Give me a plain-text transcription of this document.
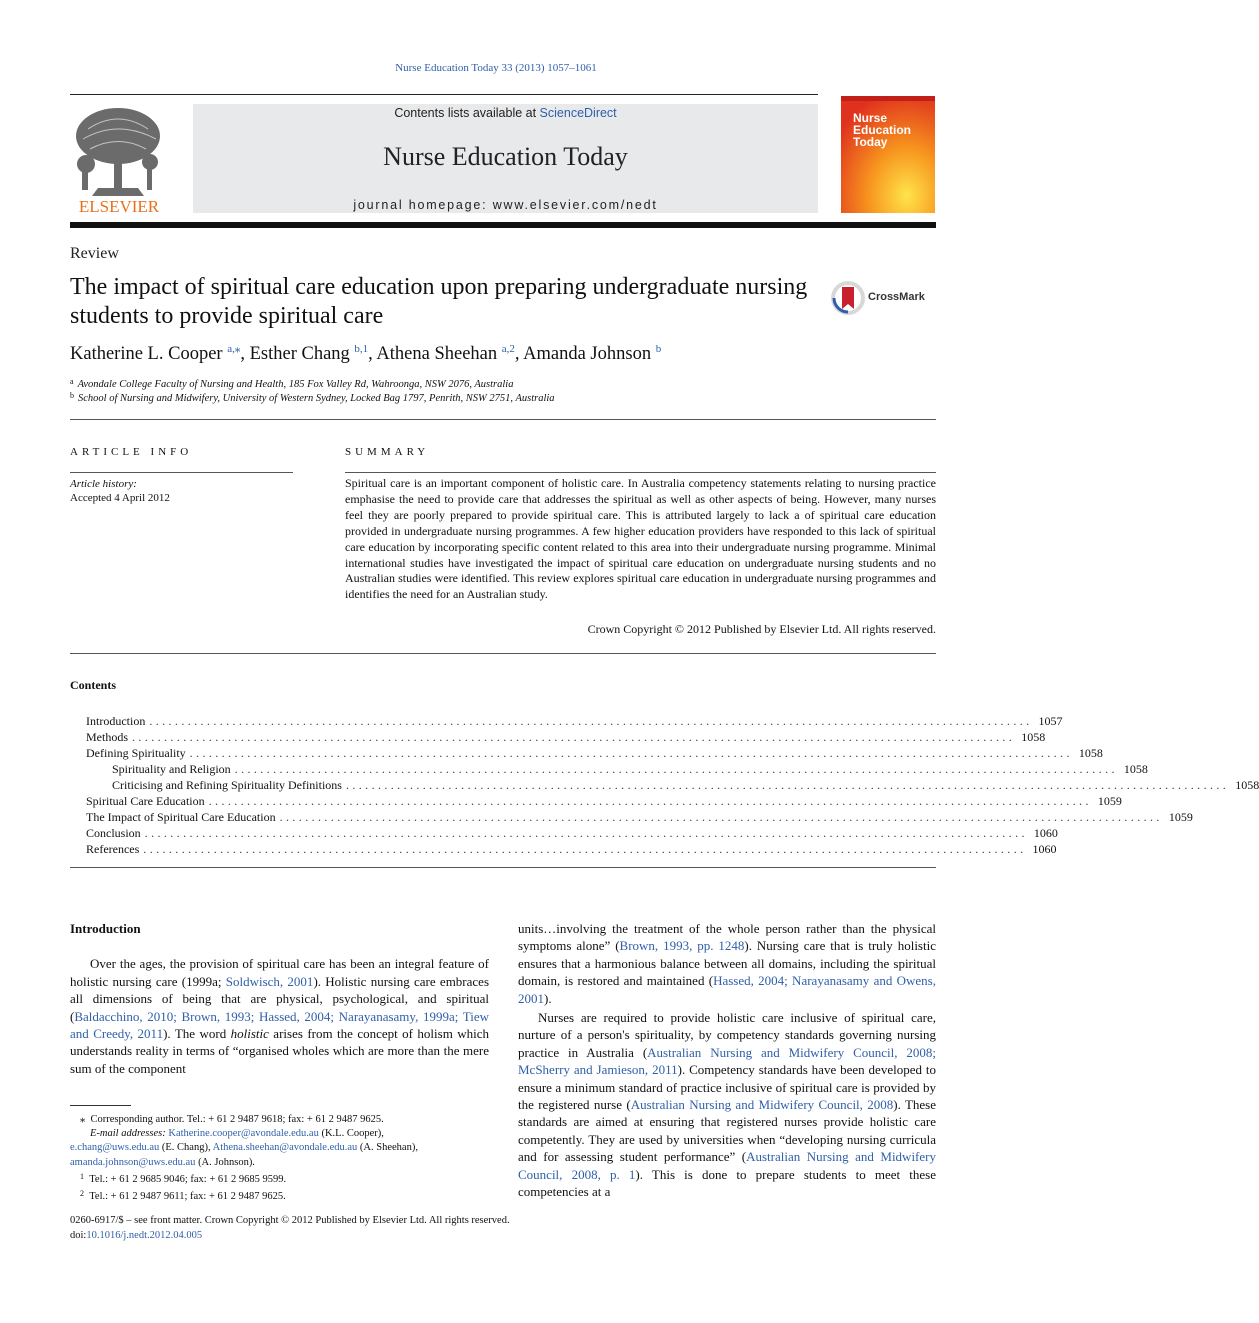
Nurse Education Today 33 (2013) 1057–1061
ELSEVIER
Contents lists available at ScienceDirect
Nurse Education Today
journal homepage: www.elsevier.com/nedt
Nurse Education Today
Review
The impact of spiritual care education upon preparing undergraduate nursing students to provide spiritual care
CrossMark
Katherine L. Cooper $^{a,⁎}$, Esther Chang $^{b,1}$, Athena Sheehan $^{a,2}$, Amanda Johnson $^b$
$^a$ Avondale College Faculty of Nursing and Health, 185 Fox Valley Rd, Wahroonga, NSW 2076, Australia
$^b$ School of Nursing and Midwifery, University of Western Sydney, Locked Bag 1797, Penrith, NSW 2751, Australia
ARTICLE INFO
Article history:
Accepted 4 April 2012
SUMMARY
Spiritual care is an important component of holistic care. In Australia competency statements relating to nursing practice emphasise the need to provide care that addresses the spiritual as well as other aspects of being. However, many nurses feel they are poorly prepared to provide spiritual care. This is attributed largely to lack a of spiritual care education provided in undergraduate nursing programmes. A few higher education providers have responded to this lack of spiritual care education by incorporating specific content related to this area into their undergraduate nursing programme. Minimal international studies have investigated the impact of spiritual care education on undergraduate nursing students and no Australian studies were identified. This review explores spiritual care education in undergraduate nursing programmes and identifies the need for an Australian study.
Crown Copyright © 2012 Published by Elsevier Ltd. All rights reserved.
Contents
Introduction .......................................................................................................................................... 1057
Methods .......................................................................................................................................... 1058
Defining Spirituality .......................................................................................................................................... 1058
Spirituality and Religion .......................................................................................................................................... 1058
Criticising and Refining Spirituality Definitions .......................................................................................................................................... 1058
Spiritual Care Education .......................................................................................................................................... 1059
The Impact of Spiritual Care Education .......................................................................................................................................... 1059
Conclusion .......................................................................................................................................... 1060
References .......................................................................................................................................... 1060

Introduction

Over the ages, the provision of spiritual care has been an integral feature of holistic nursing care (1999a; Soldwisch, 2001). Holistic nursing care embraces all dimensions of being that are physical, psychological, and spiritual (Baldacchino, 2010; Brown, 1993; Hassed, 2004; Narayanasamy, 1999a; Tiew and Creedy, 2011). The word holistic arises from the concept of holism which understands reality in terms of “organised wholes which are more than the mere sum of the component

units…involving the treatment of the whole person rather than the physical symptoms alone” (Brown, 1993, pp. 1248). Nursing care that is truly holistic ensures that a harmonious balance between all domains, including the spiritual domain, is restored and maintained (Hassed, 2004; Narayanasamy and Owens, 2001).

Nurses are required to provide holistic care inclusive of spiritual care, nurture of a person's spirituality, by competency standards governing nursing practice in Australia (Australian Nursing and Midwifery Council, 2008; McSherry and Jamieson, 2011). Competency standards have been developed to ensure a minimum standard of practice inclusive of spiritual care is provided by the registered nurse (Australian Nursing and Midwifery Council, 2008). These standards are aimed at ensuring that registered nurses provide holistic care competently. They are used by universities when “developing nursing curricula and for assessing student performance” (Australian Nursing and Midwifery Council, 2008, p. 1). This is done to prepare students to meet these competencies at a

⁎  Corresponding author. Tel.: + 61 2 9487 9618; fax: + 61 2 9487 9625.
E-mail addresses: Katherine.cooper@avondale.edu.au (K.L. Cooper),
e.chang@uws.edu.au (E. Chang), Athena.sheehan@avondale.edu.au (A. Sheehan),
amanda.johnson@uws.edu.au (A. Johnson).
$^1$ Tel.: + 61 2 9685 9046; fax: + 61 2 9685 9599.
$^2$ Tel.: + 61 2 9487 9611; fax: + 61 2 9487 9625.
0260-6917/$ – see front matter. Crown Copyright © 2012 Published by Elsevier Ltd. All rights reserved.
doi:10.1016/j.nedt.2012.04.005
